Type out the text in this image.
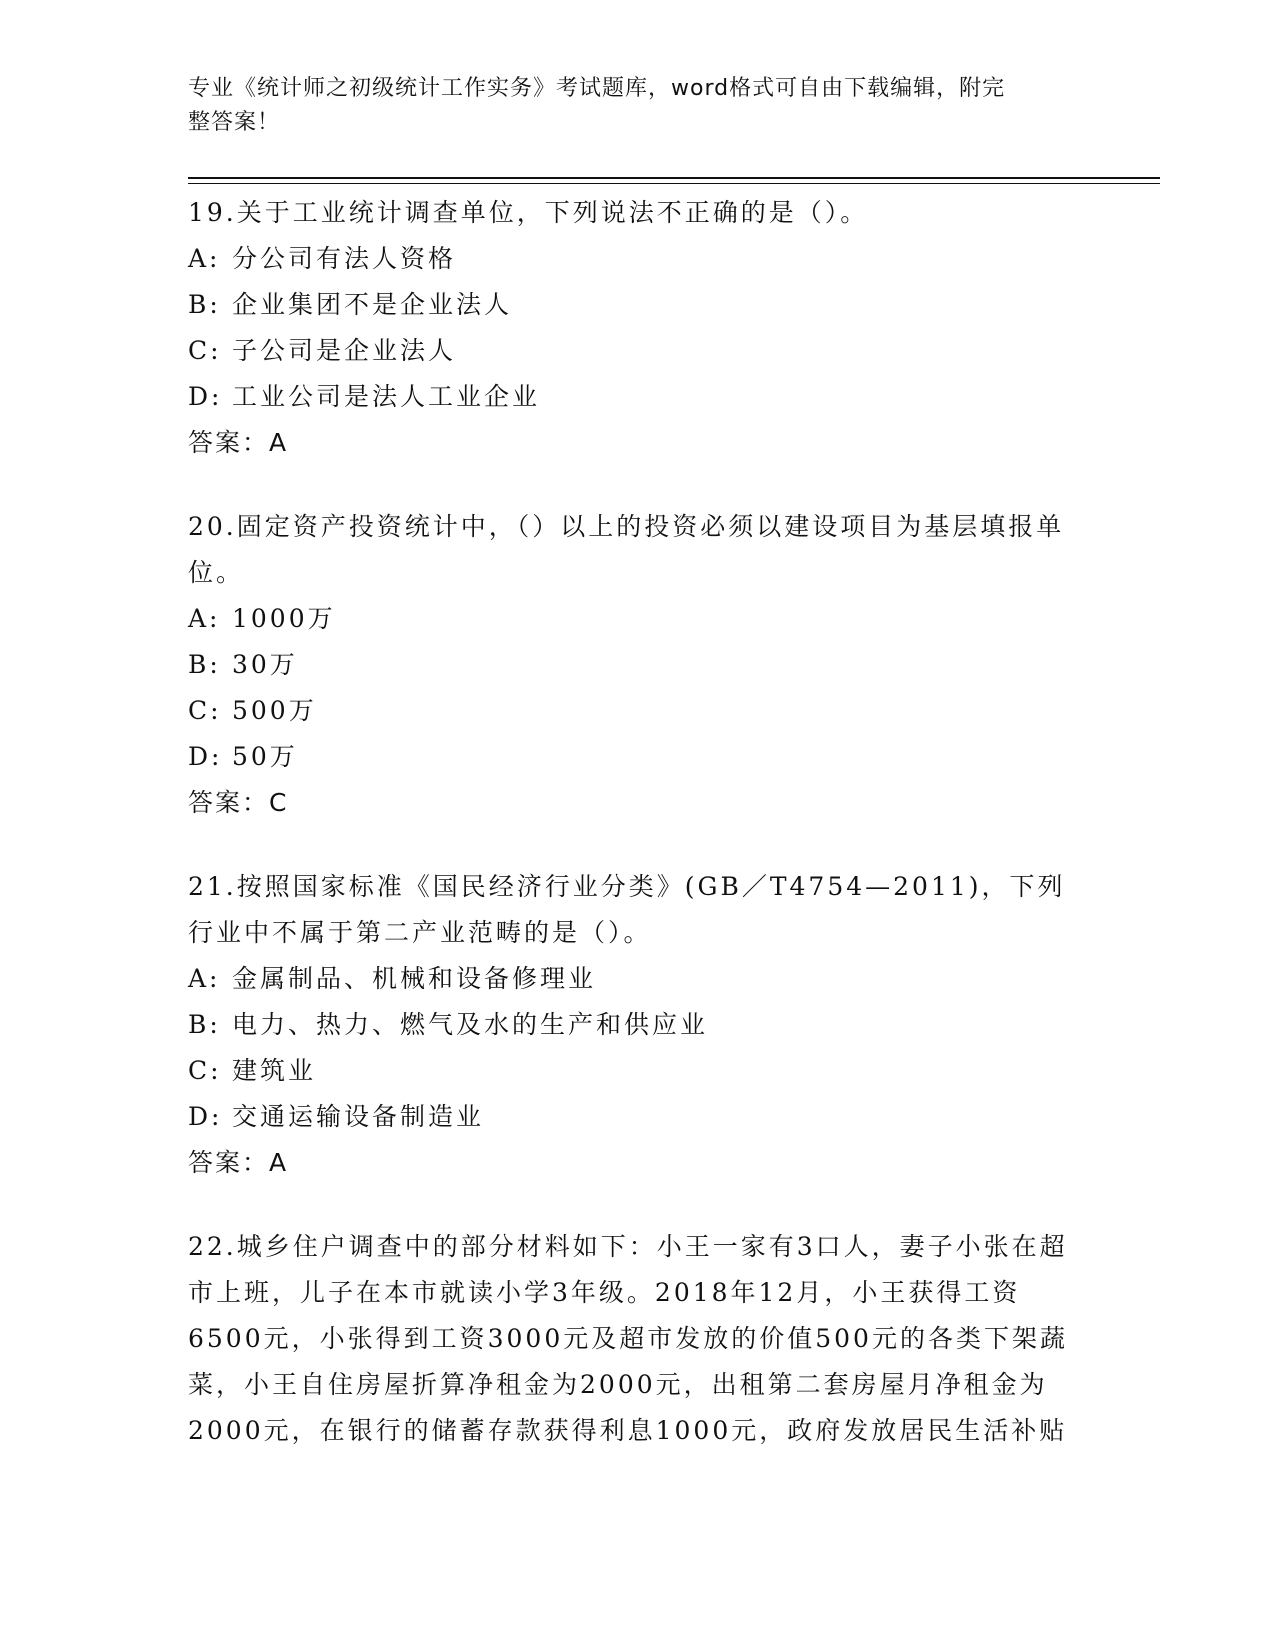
专业《统计师之初级统计工作实务》考试题库，word格式可自由下载编辑，附完
整答案！

19.关于工业统计调查单位，下列说法不正确的是（）。

A: 分公司有法人资格

B: 企业集团不是企业法人

C: 子公司是企业法人

D: 工业公司是法人工业企业

答案：A

20.固定资产投资统计中，（）以上的投资必须以建设项目为基层填报单位。

A: 1000万

B: 30万

C: 500万

D: 50万

答案：C

21.按照国家标准《国民经济行业分类》(GB／T4754—2011)，下列行业中不属于第二产业范畴的是（）。

A: 金属制品、机械和设备修理业

B: 电力、热力、燃气及水的生产和供应业

C: 建筑业

D: 交通运输设备制造业

答案：A

22.城乡住户调查中的部分材料如下：小王一家有3口人，妻子小张在超市上班，儿子在本市就读小学3年级。2018年12月，小王获得工资6500元，小张得到工资3000元及超市发放的价值500元的各类下架蔬菜，小王自住房屋折算净租金为2000元，出租第二套房屋月净租金为2000元，在银行的储蓄存款获得利息1000元，政府发放居民生活补贴
